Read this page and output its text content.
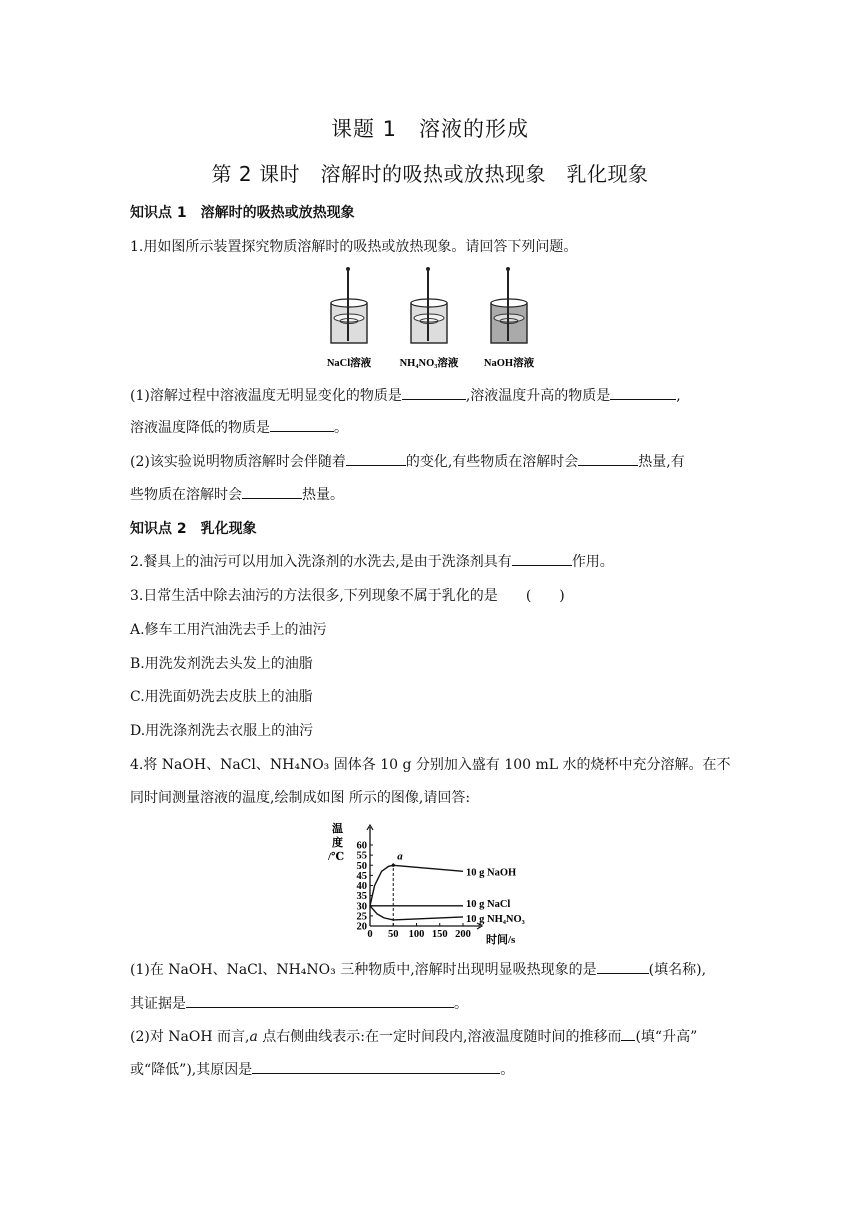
课题 1　溶液的形成
第 2 课时　溶解时的吸热或放热现象　乳化现象
知识点 1　溶解时的吸热或放热现象
1.用如图所示装置探究物质溶解时的吸热或放热现象。请回答下列问题。
NaCl溶液	NH₄NO₃溶液 NaOH溶液
(1)溶解过程中溶液温度无明显变化的物质是	,溶液温度升高的物质是	,
溶液温度降低的物质是	。
(2)该实验说明物质溶解时会伴随着	的变化,有些物质在溶解时会	热量,有
些物质在溶解时会	热量。
知识点 2　乳化现象
2.餐具上的油污可以用加入洗涤剂的水洗去,是由于洗涤剂具有	作用。
3.日常生活中除去油污的方法很多,下列现象不属于乳化的是 (　　)
A.修车工用汽油洗去手上的油污
B.用洗发剂洗去头发上的油脂
C.用洗面奶洗去皮肤上的油脂
D.用洗涤剂洗去衣服上的油污
4.将 NaOH、NaCl、NH₄NO₃ 固体各 10 g 分别加入盛有 100 mL 水的烧杯中充分溶解。在不
同时间测量溶液的温度,绘制成如图 所示的图像,请回答:
温
度
/℃
20
25
30
35
40
45
50
55
60
0 50 100 150 200
a
10 g NaOH
10 g NaCl
10 g NH₄NO₃
时间/s
(1)在 NaOH、NaCl、NH₄NO₃ 三种物质中,溶解时出现明显吸热现象的是	(填名称),
其证据是	。
(2)对 NaOH 而言,a 点右侧曲线表示:在一定时间段内,溶液温度随时间的推移而 (填“升高”
或“降低”),其原因是	。
